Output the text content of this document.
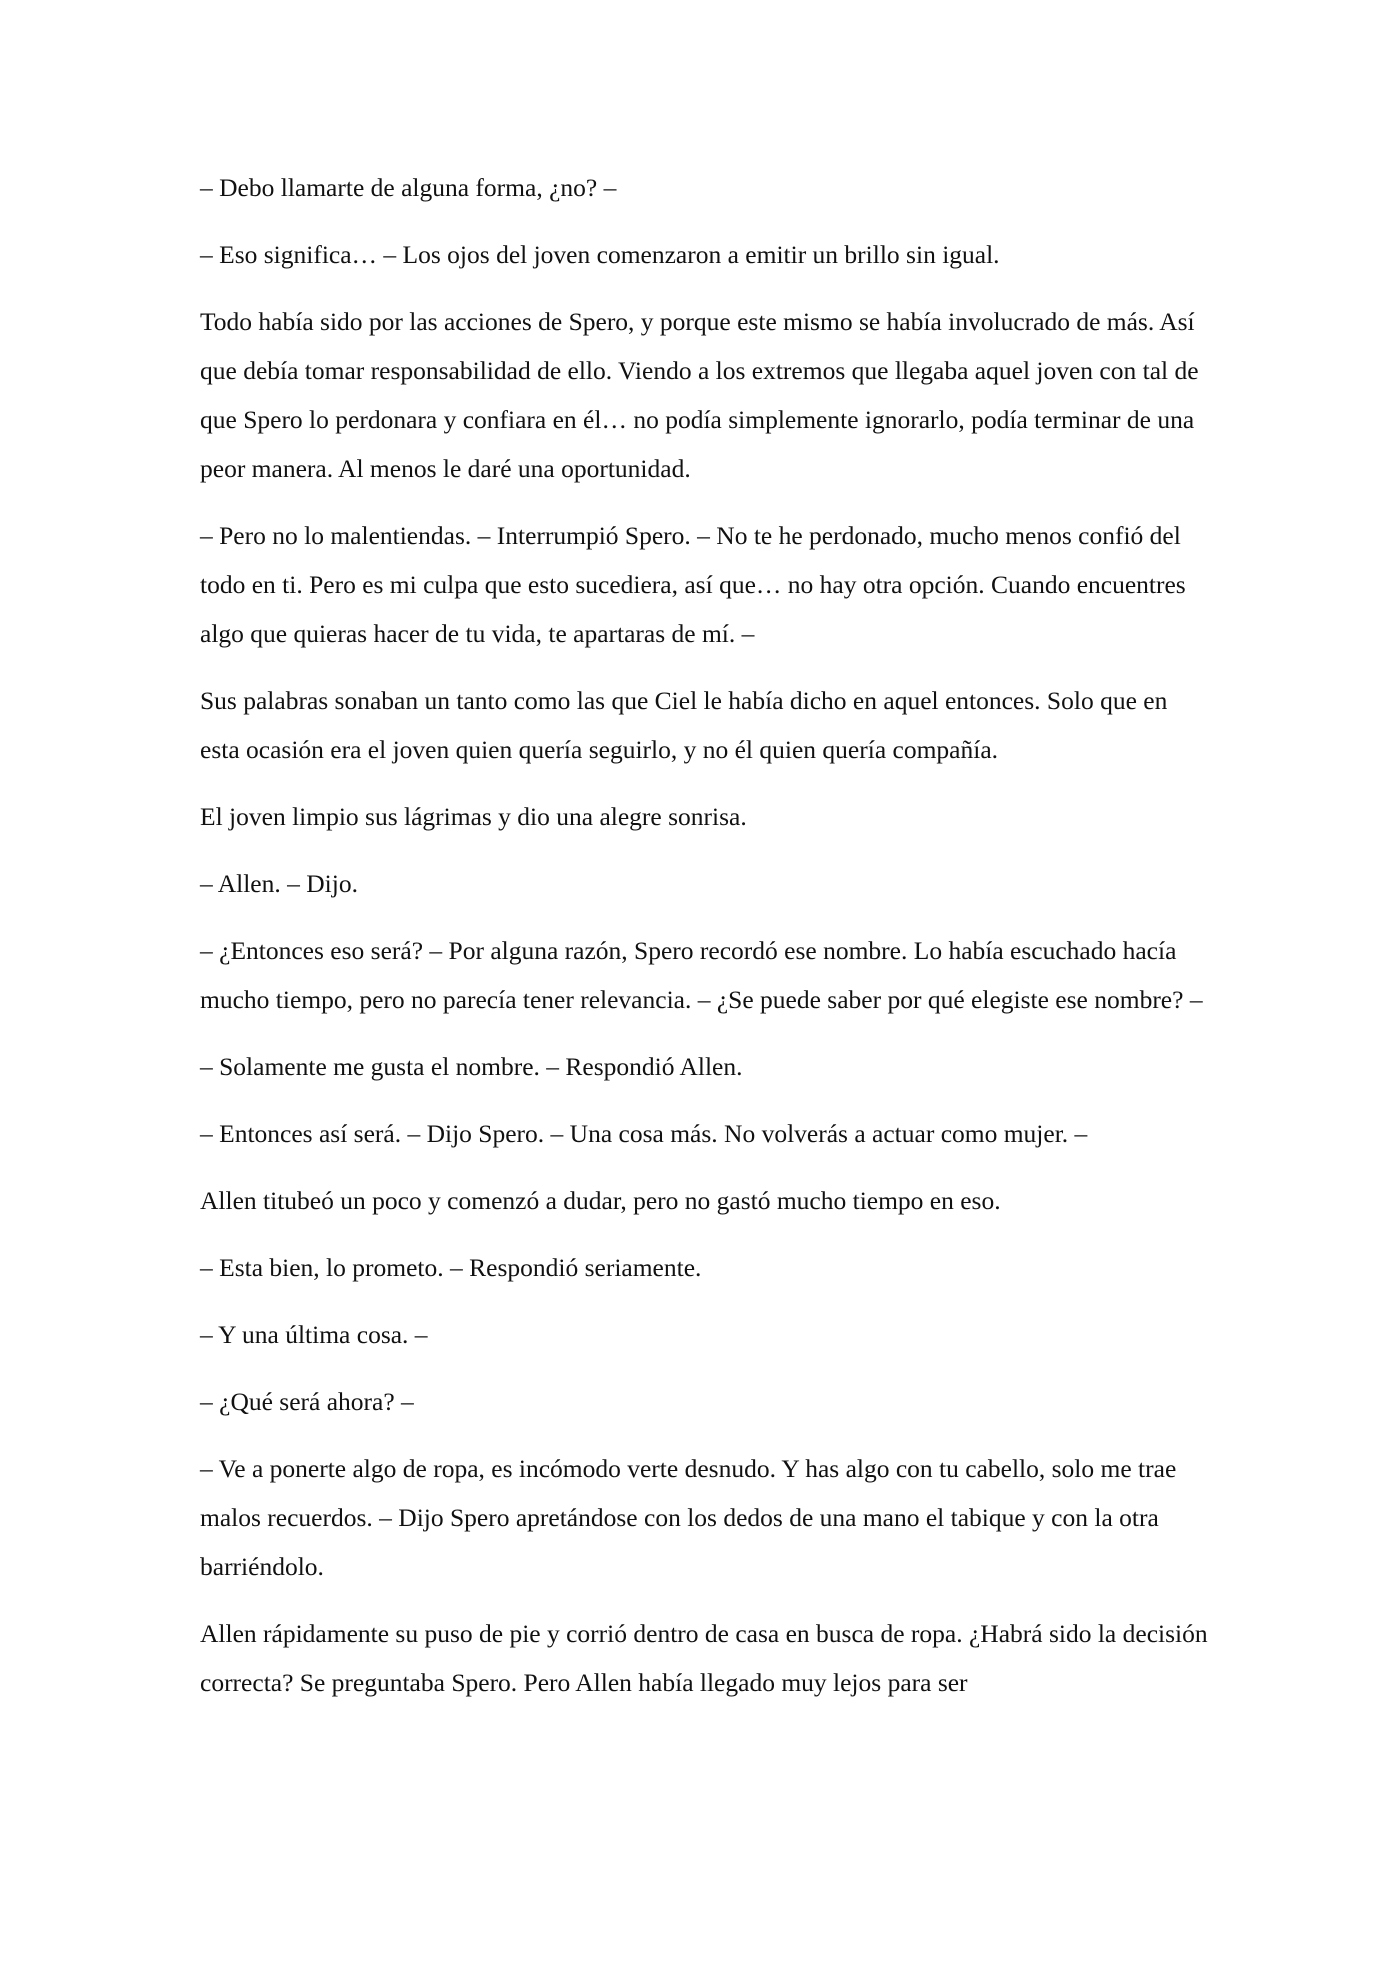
– Debo llamarte de alguna forma, ¿no? –

– Eso significa… – Los ojos del joven comenzaron a emitir un brillo sin igual.

Todo había sido por las acciones de Spero, y porque este mismo se había involucrado de más. Así que debía tomar responsabilidad de ello. Viendo a los extremos que llegaba aquel joven con tal de que Spero lo perdonara y confiara en él… no podía simplemente ignorarlo, podía terminar de una peor manera. Al menos le daré una oportunidad.

– Pero no lo malentiendas. – Interrumpió Spero. – No te he perdonado, mucho menos confió del todo en ti. Pero es mi culpa que esto sucediera, así que… no hay otra opción. Cuando encuentres algo que quieras hacer de tu vida, te apartaras de mí. –

Sus palabras sonaban un tanto como las que Ciel le había dicho en aquel entonces. Solo que en esta ocasión era el joven quien quería seguirlo, y no él quien quería compañía.

El joven limpio sus lágrimas y dio una alegre sonrisa.

– Allen. – Dijo.

– ¿Entonces eso será? – Por alguna razón, Spero recordó ese nombre. Lo había escuchado hacía mucho tiempo, pero no parecía tener relevancia. – ¿Se puede saber por qué elegiste ese nombre? –

– Solamente me gusta el nombre. – Respondió Allen.

– Entonces así será. – Dijo Spero. – Una cosa más. No volverás a actuar como mujer. –

Allen titubeó un poco y comenzó a dudar, pero no gastó mucho tiempo en eso.

– Esta bien, lo prometo. – Respondió seriamente.

– Y una última cosa. –

– ¿Qué será ahora? –

– Ve a ponerte algo de ropa, es incómodo verte desnudo. Y has algo con tu cabello, solo me trae malos recuerdos. – Dijo Spero apretándose con los dedos de una mano el tabique y con la otra barriéndolo.

Allen rápidamente su puso de pie y corrió dentro de casa en busca de ropa. ¿Habrá sido la decisión correcta? Se preguntaba Spero. Pero Allen había llegado muy lejos para ser
